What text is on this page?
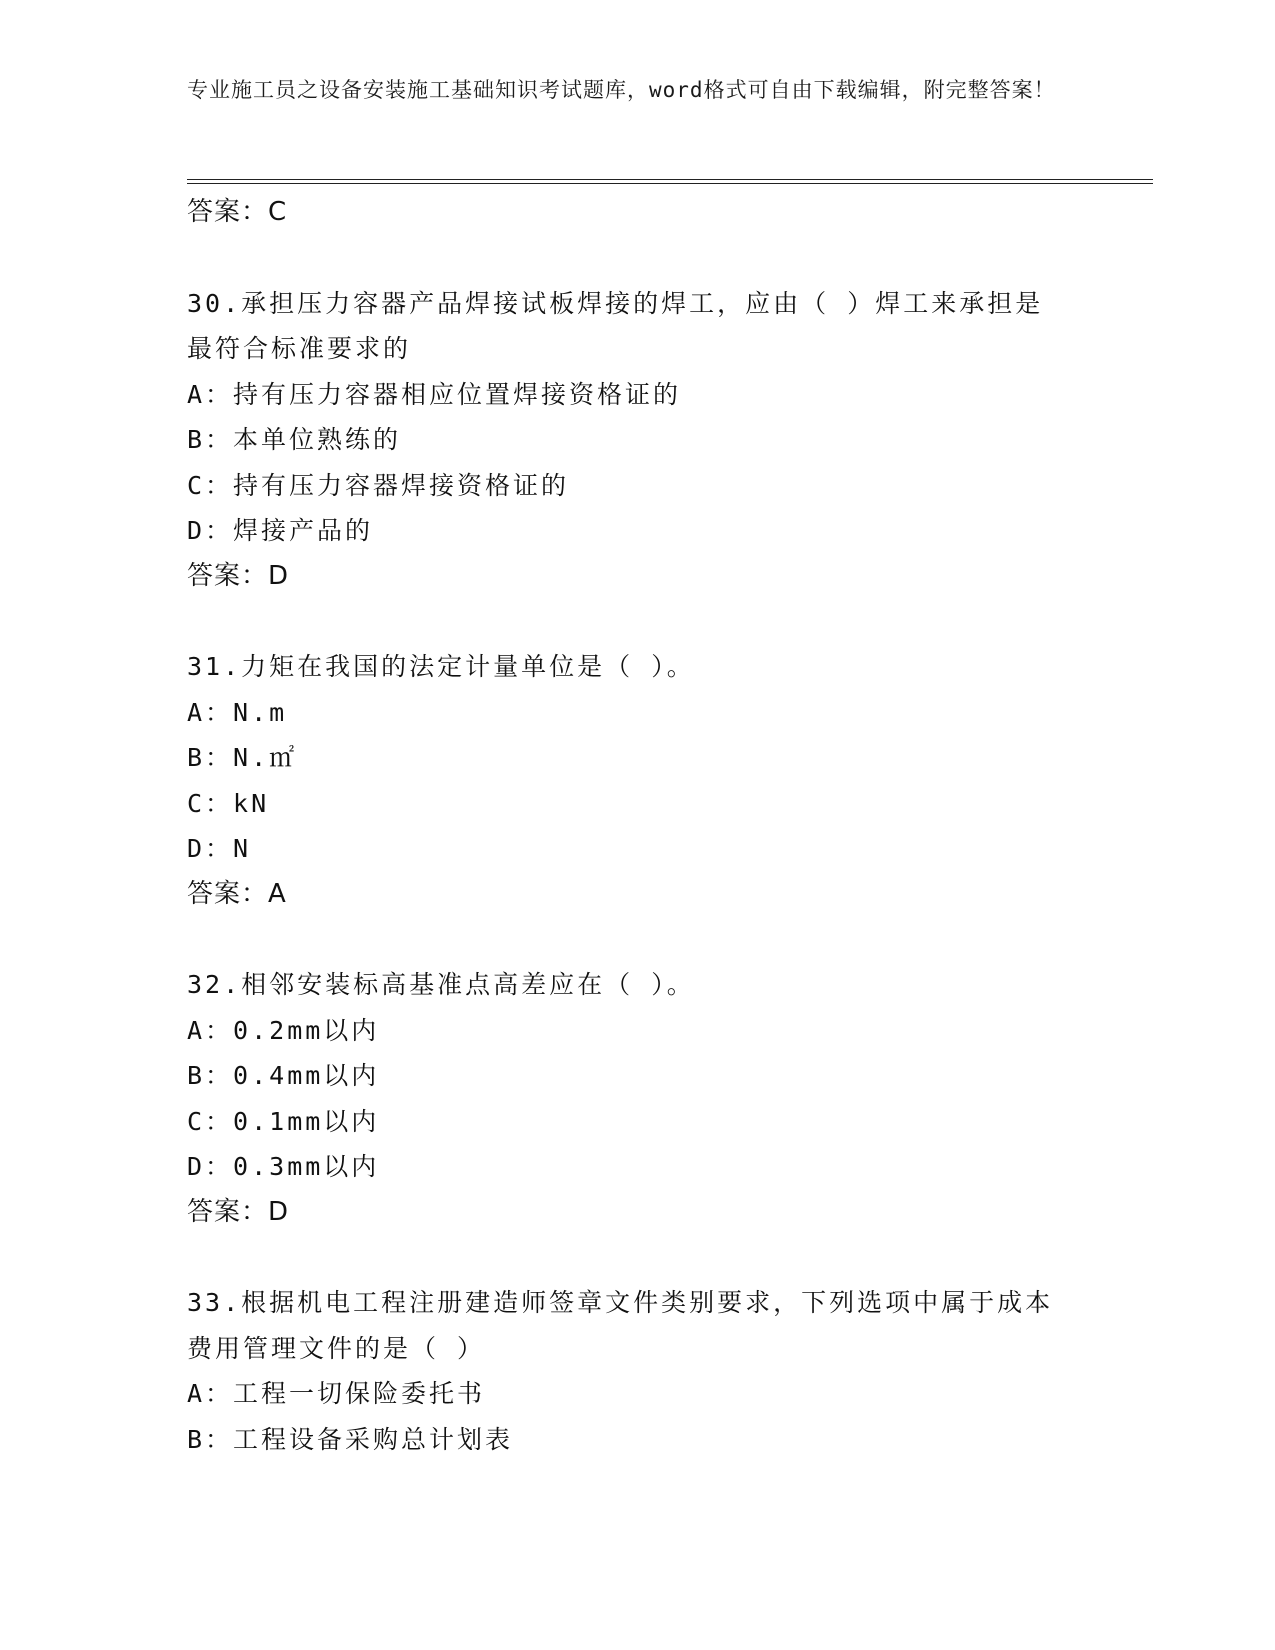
专业施工员之设备安装施工基础知识考试题库，word格式可自由下载编辑，附完整答案！
答案：C
30.承担压力容器产品焊接试板焊接的焊工，应由（ ）焊工来承担是最符合标准要求的
A：持有压力容器相应位置焊接资格证的
B：本单位熟练的
C：持有压力容器焊接资格证的
D：焊接产品的
答案：D
31.力矩在我国的法定计量单位是（ ）。
A：N.m
B：N.㎡
C：kN
D：N
答案：A
32.相邻安装标高基准点高差应在（ ）。
A：0.2mm以内
B：0.4mm以内
C：0.1mm以内
D：0.3mm以内
答案：D
33.根据机电工程注册建造师签章文件类别要求，下列选项中属于成本费用管理文件的是（ ）
A：工程一切保险委托书
B：工程设备采购总计划表
